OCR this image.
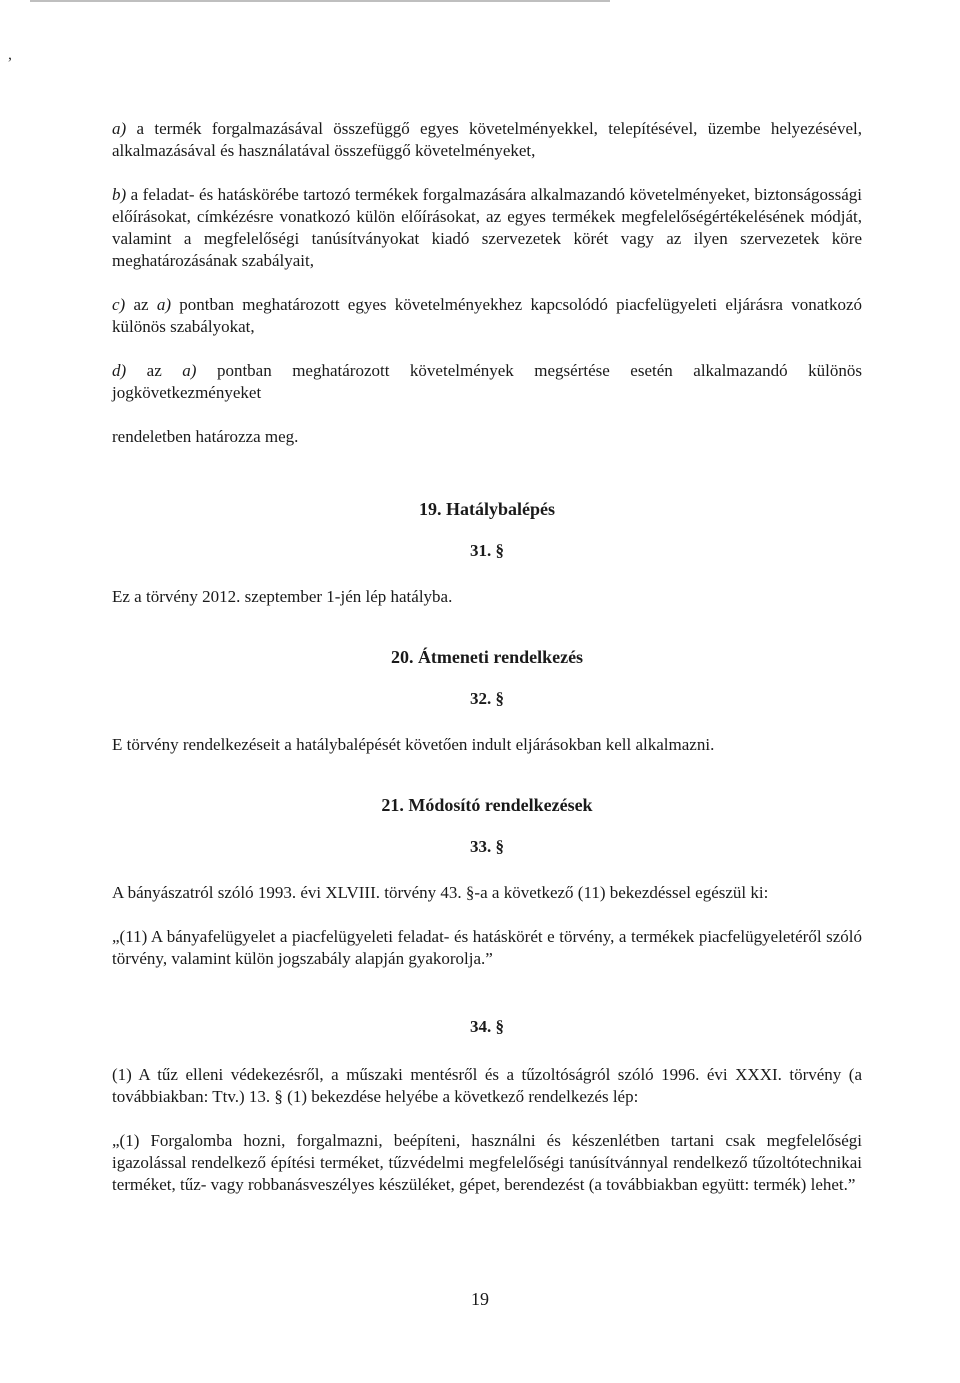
,

a) a termék forgalmazásával összefüggő egyes követelményekkel, telepítésével, üzembe helyezésével, alkalmazásával és használatával összefüggő követelményeket,

b) a feladat- és hatáskörébe tartozó termékek forgalmazására alkalmazandó követelményeket, biztonságossági előírásokat, címkézésre vonatkozó külön előírásokat, az egyes termékek megfelelőségértékelésének módját, valamint a megfelelőségi tanúsítványokat kiadó szervezetek körét vagy az ilyen szervezetek köre meghatározásának szabályait,

c) az a) pontban meghatározott egyes követelményekhez kapcsolódó piacfelügyeleti eljárásra vonatkozó különös szabályokat,

d) az a) pontban meghatározott követelmények megsértése esetén alkalmazandó különös jogkövetkezményeket

rendeletben határozza meg.

19. Hatálybalépés
31. §

Ez a törvény 2012. szeptember 1-jén lép hatályba.

20. Átmeneti rendelkezés
32. §

E törvény rendelkezéseit a hatálybalépését követően indult eljárásokban kell alkalmazni.

21. Módosító rendelkezések
33. §

A bányászatról szóló 1993. évi XLVIII. törvény 43. §-a a következő (11) bekezdéssel egészül ki:

„(11) A bányafelügyelet a piacfelügyeleti feladat- és hatáskörét e törvény, a termékek piacfelügyeletéről szóló törvény, valamint külön jogszabály alapján gyakorolja.”

34. §

(1) A tűz elleni védekezésről, a műszaki mentésről és a tűzoltóságról szóló 1996. évi XXXI. törvény (a továbbiakban: Ttv.) 13. § (1) bekezdése helyébe a következő rendelkezés lép:

„(1) Forgalomba hozni, forgalmazni, beépíteni, használni és készenlétben tartani csak megfelelőségi igazolással rendelkező építési terméket, tűzvédelmi megfelelőségi tanúsítvánnyal rendelkező tűzoltótechnikai terméket, tűz- vagy robbanásveszélyes készüléket, gépet, berendezést (a továbbiakban együtt: termék) lehet.”

19
